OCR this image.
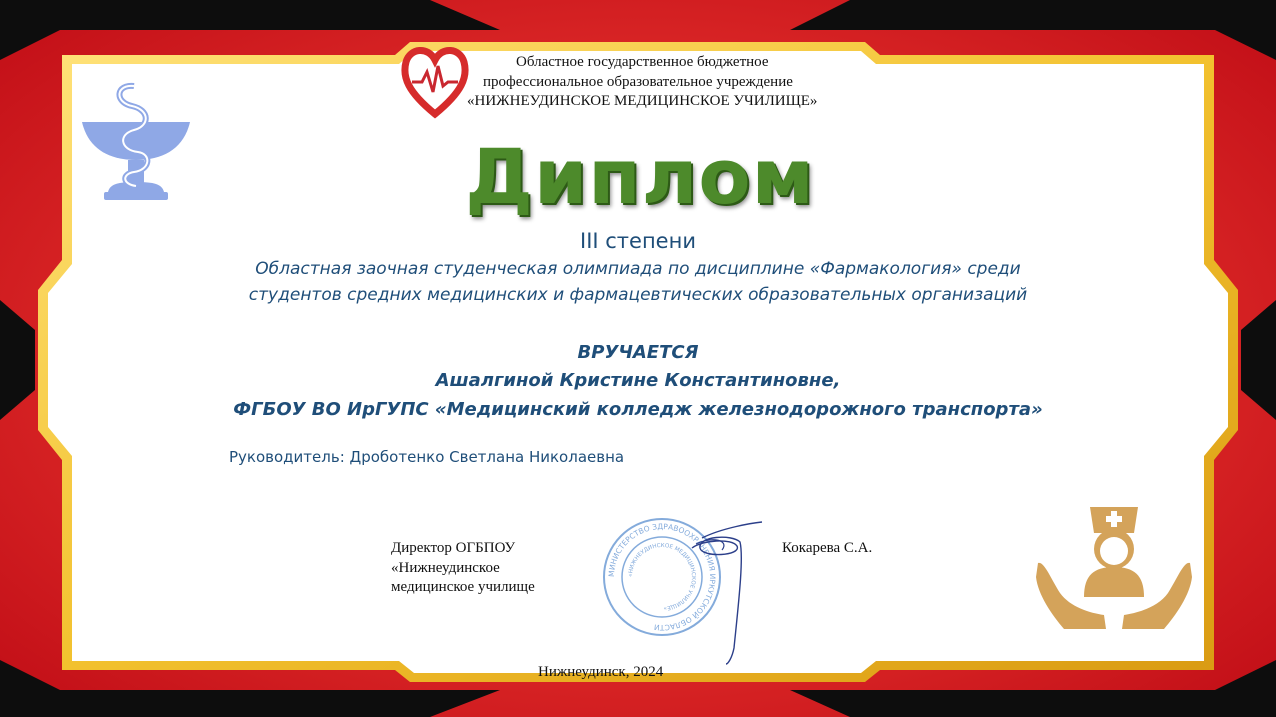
Областное государственное бюджетное
профессиональное образовательное учреждение
«НИЖНЕУДИНСКОЕ МЕДИЦИНСКОЕ УЧИЛИЩЕ»
Диплом
III степени
Областная заочная студенческая олимпиада по дисциплине «Фармакология» среди
студентов средних медицинских и фармацевтических образовательных организаций
ВРУЧАЕТСЯ
Ашалгиной Кристине Константиновне,
ФГБОУ ВО ИрГУПС «Медицинский колледж железнодорожного транспорта»
Руководитель: Дроботенко Светлана Николаевна
Директор ОГБПОУ
«Нижнеудинское
медицинское училище
Кокарева С.А.
МИНИСТЕРСТВО ЗДРАВООХРАНЕНИЯ ИРКУТСКОЙ ОБЛАСТИ
«НИЖНЕУДИНСКОЕ МЕДИЦИНСКОЕ УЧИЛИЩЕ»
Нижнеудинск, 2024
